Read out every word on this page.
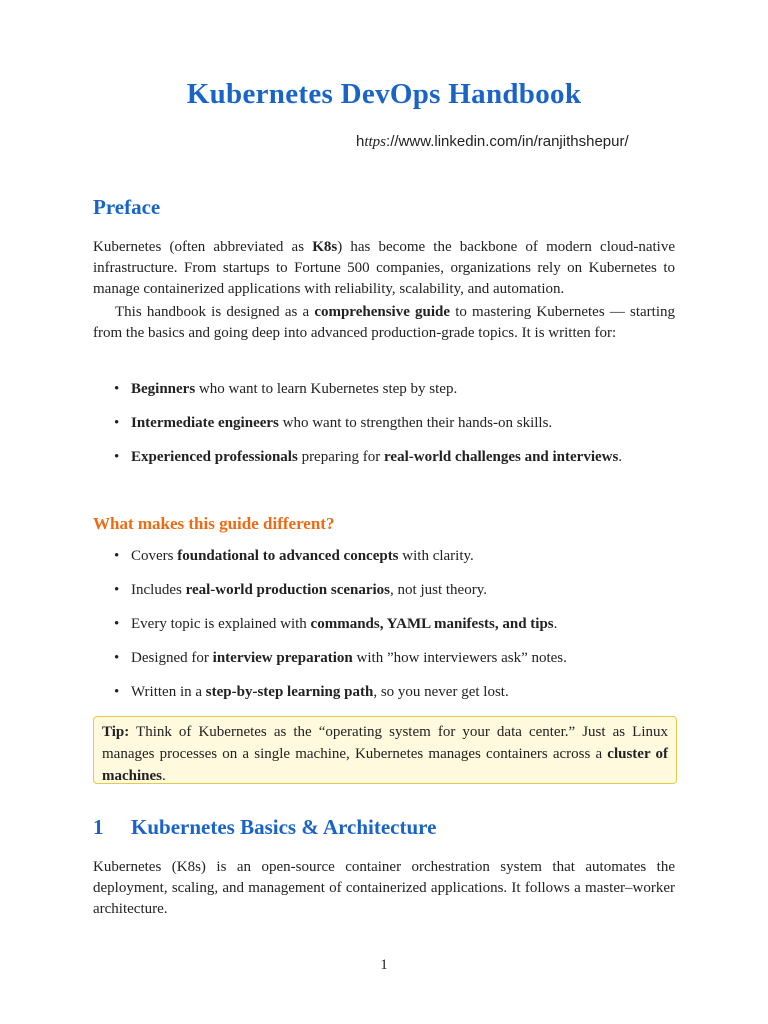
Kubernetes DevOps Handbook
https://www.linkedin.com/in/ranjithshepur/
Preface

Kubernetes (often abbreviated as K8s) has become the backbone of modern cloud-native infrastructure. From startups to Fortune 500 companies, organizations rely on Kubernetes to manage containerized applications with reliability, scalability, and automation.

This handbook is designed as a comprehensive guide to mastering Kubernetes — starting from the basics and going deep into advanced production-grade topics. It is written for:

• Beginners who want to learn Kubernetes step by step.
• Intermediate engineers who want to strengthen their hands-on skills.
• Experienced professionals preparing for real-world challenges and interviews.
What makes this guide different?
• Covers foundational to advanced concepts with clarity.
• Includes real-world production scenarios, not just theory.
• Every topic is explained with commands, YAML manifests, and tips.
• Designed for interview preparation with ”how interviewers ask” notes.
• Written in a step-by-step learning path, so you never get lost.
Tip: Think of Kubernetes as the “operating system for your data center.” Just as Linux manages processes on a single machine, Kubernetes manages containers across a cluster of machines.
1 Kubernetes Basics & Architecture

Kubernetes (K8s) is an open-source container orchestration system that automates the deployment, scaling, and management of containerized applications. It follows a master–worker architecture.

1
